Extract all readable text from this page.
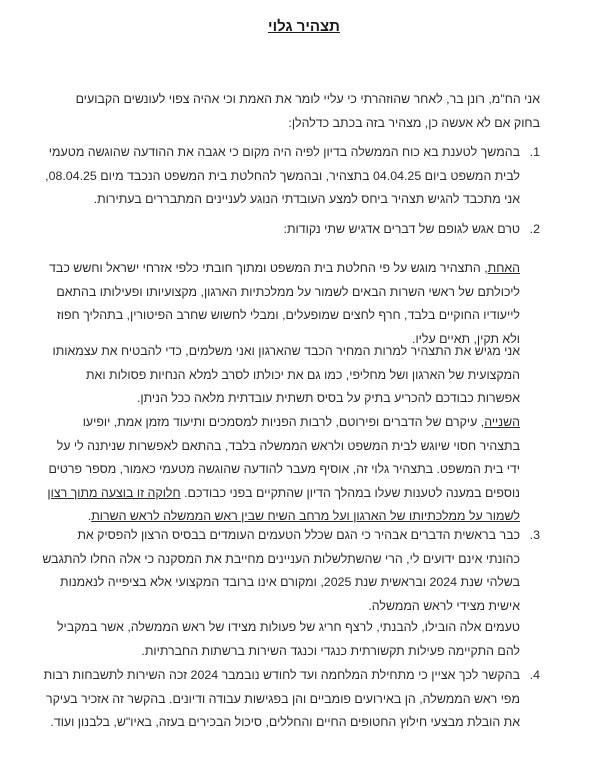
תצהיר גלוי
אני הח"מ, רונן בר, לאחר שהוזהרתי כי עליי לומר את האמת וכי אהיה צפוי לעונשים הקבועים
בחוק אם לא אעשה כן, מצהיר בזה בכתב כדלהלן:
1.
בהמשך לטענת בא כוח הממשלה בדיון לפיה היה מקום כי אגבה את ההודעה שהוגשה מטעמי
לבית המשפט ביום 04.04.25 בתצהיר, ובהמשך להחלטת בית המשפט הנכבד מיום 08.04.25,
אני מתכבד להגיש תצהיר ביחס למצע העובדתי הנוגע לעניינים המתבררים בעתירות.
2.
טרם אגש לגופם של דברים אדגיש שתי נקודות:
האחת, התצהיר מוגש על פי החלטת בית המשפט ומתוך חובתי כלפי אזרחי ישראל וחשש כבד
ליכולתם של ראשי השרות הבאים לשמור על ממלכתיות הארגון, מקצועיותו ופעילותו בהתאם
לייעודיו החוקיים בלבד, חרף לחצים שמופעלים, ומבלי לחשוש שחרב הפיטורין, בתהליך חפוז
ולא תקין, תאיים עליו.
אני מגיש את התצהיר למרות המחיר הכבד שהארגון ואני משלמים, כדי להבטיח את עצמאותו
המקצועית של הארגון ושל מחליפי, כמו גם את יכולתו לסרב למלא הנחיות פסולות ואת
אפשרות כבודכם להכריע בתיק על בסיס תשתית עובדתית מלאה ככל הניתן.
השנייה, עיקרם של הדברים ופירוטם, לרבות הפניות למסמכים ותיעוד מזמן אמת, יופיעו
בתצהיר חסוי שיוגש לבית המשפט ולראש הממשלה בלבד, בהתאם לאפשרות שניתנה לי על
ידי בית המשפט. בתצהיר גלוי זה, אוסיף מעבר להודעה שהוגשה מטעמי כאמור, מספר פרטים
נוספים במענה לטענות שעלו במהלך הדיון שהתקיים בפני כבודכם. חלוקה זו בוצעה מתוך רצון
לשמור על ממלכתיותו של הארגון ועל מרחב השיח שבין ראש הממשלה לראש השרות.
3.
כבר בראשית הדברים אבהיר כי הגם שכלל הטעמים העומדים בבסיס הרצון להפסיק את
כהונתי אינם ידועים לי, הרי שהשתלשלות העניינים מחייבת את המסקנה כי אלה החלו להתגבש
בשלהי שנת 2024 ובראשית שנת 2025, ומקורם אינו ברובד המקצועי אלא בציפייה לנאמנות
אישית מצידי לראש הממשלה.
טעמים אלה הובילו, להבנתי, לרצף חריג של פעולות מצידו של ראש הממשלה, אשר במקביל
להם התקיימה פעילות תקשורתית כנגדי וכנגד השירות ברשתות החברתיות.
4.
בהקשר לכך אציין כי מתחילת המלחמה ועד לחודש נובמבר 2024 זכה השירות לתשבחות רבות
מפי ראש הממשלה, הן באירועים פומביים והן בפגישות עבודה ודיונים. בהקשר זה אזכיר בעיקר
את הובלת מבצעי חילוץ החטופים החיים והחללים, סיכול הבכירים בעזה, באיו"ש, בלבנון ועוד.
